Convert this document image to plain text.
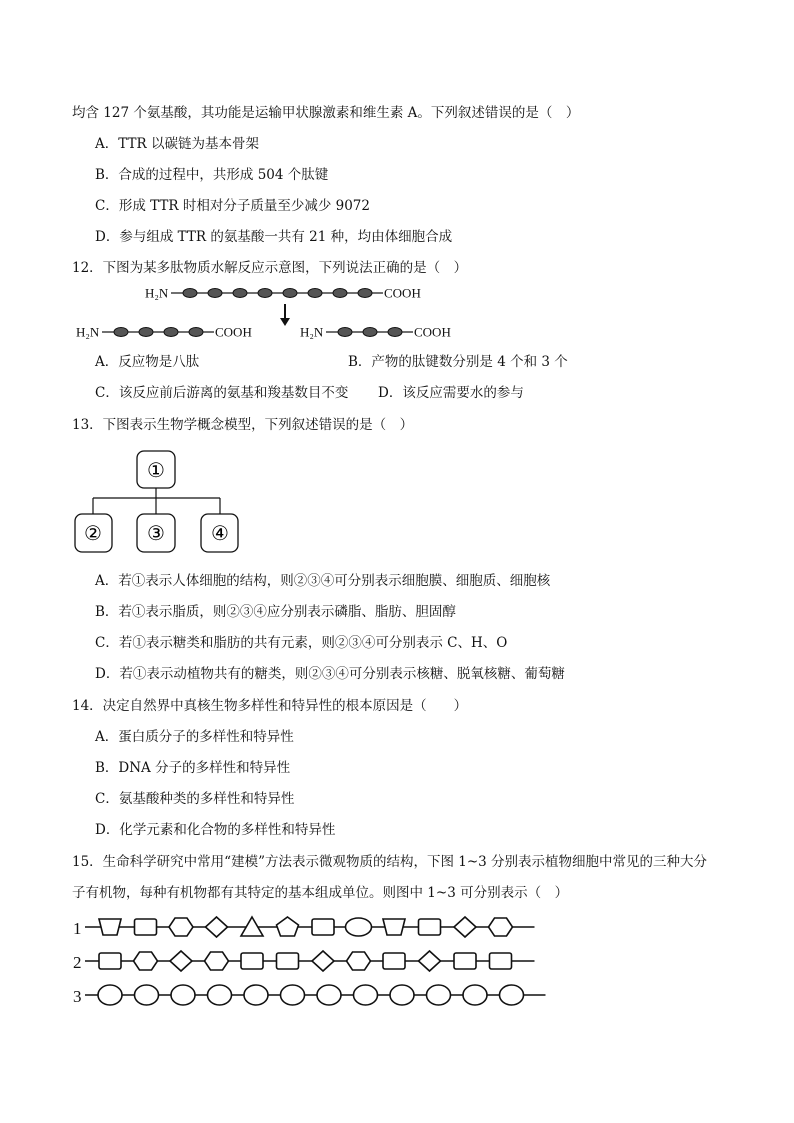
均含 127 个氨基酸，其功能是运输甲状腺激素和维生素 A。下列叙述错误的是（　）
A．TTR 以碳链为基本骨架
B．合成的过程中，共形成 504 个肽键
C．形成 TTR 时相对分子质量至少减少 9072
D．参与组成 TTR 的氨基酸一共有 21 种，均由体细胞合成
12．下图为某多肽物质水解反应示意图，下列说法正确的是（　）
H₂N	COOH
H₂N	COOH	H₂N	COOH
A．反应物是八肽	B．产物的肽键数分别是 4 个和 3 个
C．该反应前后游离的氨基和羧基数目不变 D．该反应需要水的参与
13．下图表示生物学概念模型，下列叙述错误的是（　）
①
② ③ ④
A．若①表示人体细胞的结构，则②③④可分别表示细胞膜、细胞质、细胞核
B．若①表示脂质，则②③④应分别表示磷脂、脂肪、胆固醇
C．若①表示糖类和脂肪的共有元素，则②③④可分别表示 C、H、O
D．若①表示动植物共有的糖类，则②③④可分别表示核糖、脱氧核糖、葡萄糖
14．决定自然界中真核生物多样性和特异性的根本原因是（　　）
A．蛋白质分子的多样性和特异性
B．DNA 分子的多样性和特异性
C．氨基酸种类的多样性和特异性
D．化学元素和化合物的多样性和特异性
15．生命科学研究中常用“建模”方法表示微观物质的结构，下图 1~3 分别表示植物细胞中常见的三种大分
子有机物，每种有机物都有其特定的基本组成单位。则图中 1~3 可分别表示（　）
1
2
3
